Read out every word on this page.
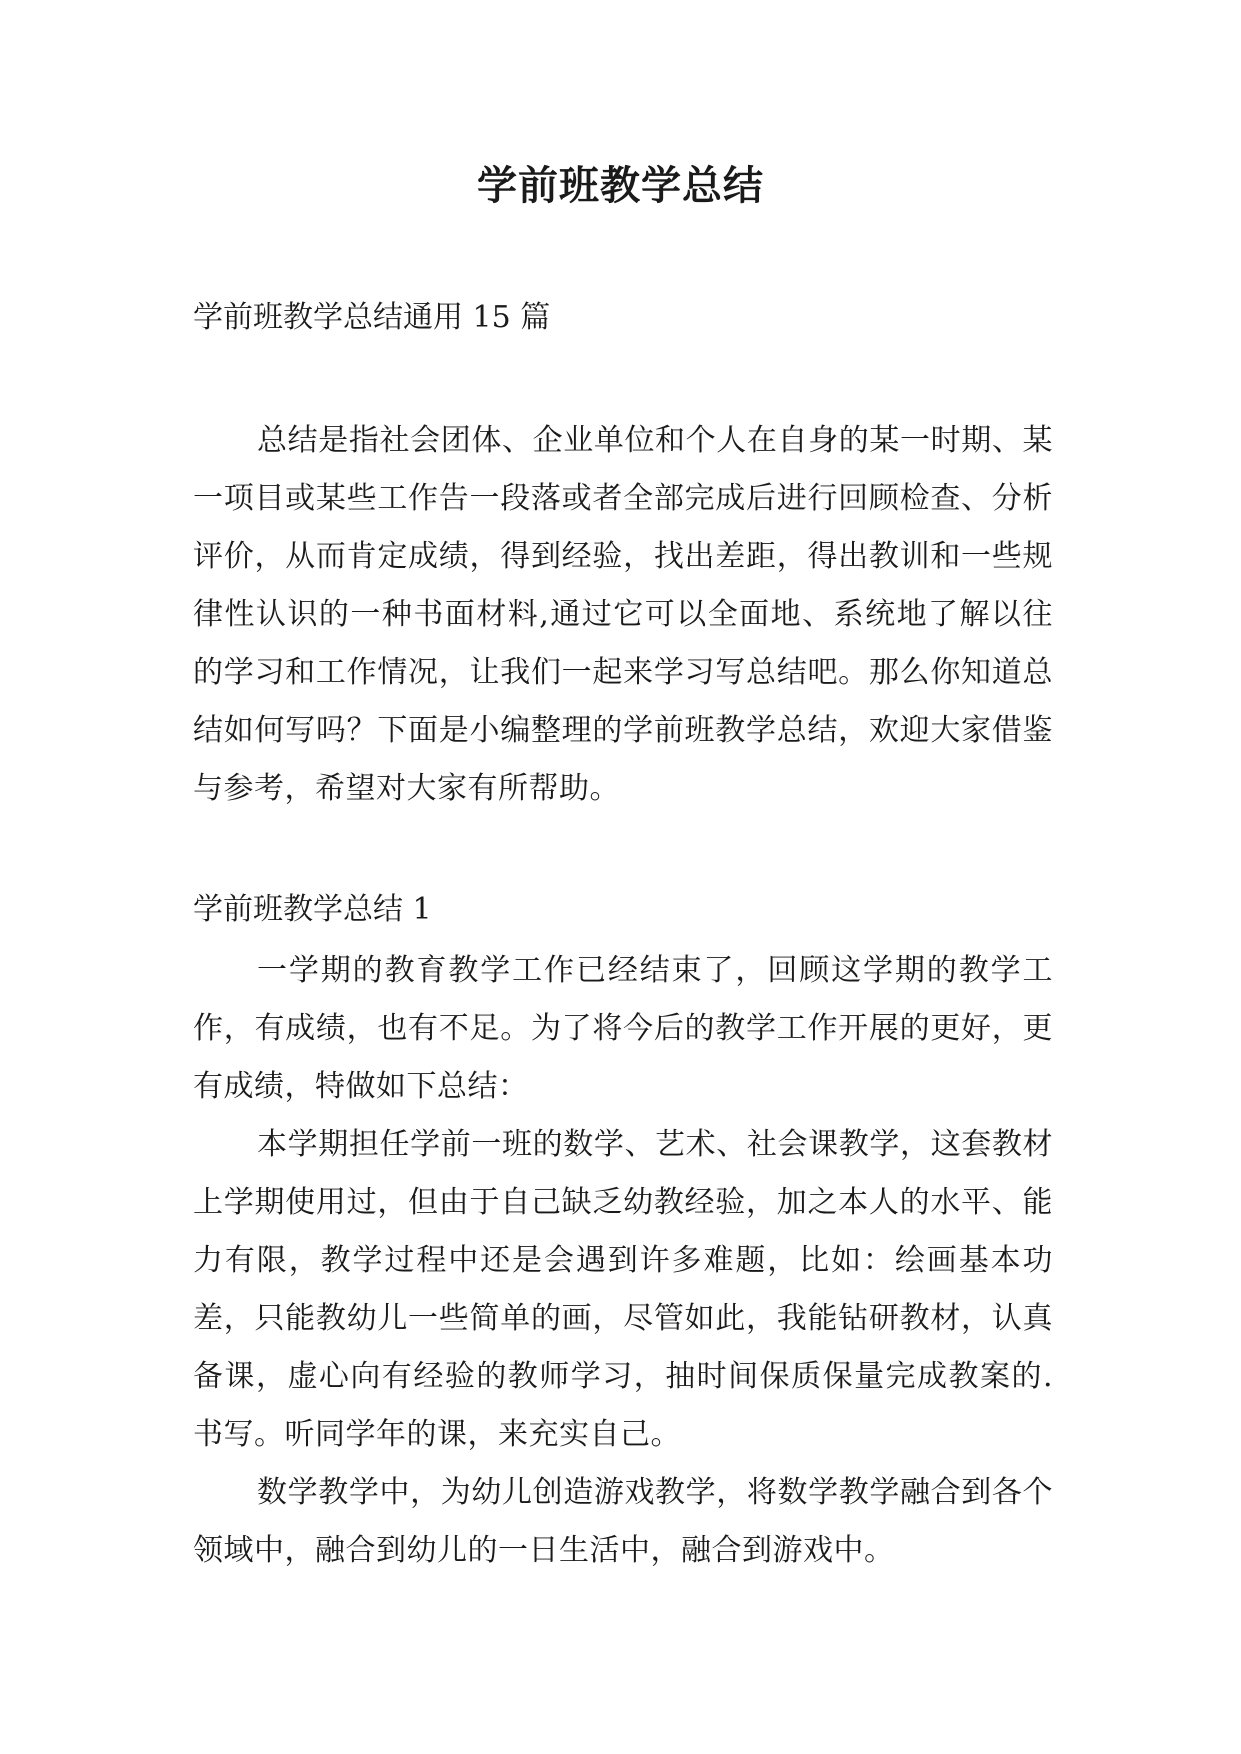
学前班教学总结

学前班教学总结通用 15 篇

总结是指社会团体、企业单位和个人在自身的某一时期、某一项目或某些工作告一段落或者全部完成后进行回顾检查、分析评价，从而肯定成绩，得到经验，找出差距，得出教训和一些规律性认识的一种书面材料,通过它可以全面地、系统地了解以往的学习和工作情况，让我们一起来学习写总结吧。那么你知道总结如何写吗？下面是小编整理的学前班教学总结，欢迎大家借鉴与参考，希望对大家有所帮助。

学前班教学总结 1

一学期的教育教学工作已经结束了，回顾这学期的教学工作，有成绩，也有不足。为了将今后的教学工作开展的更好，更有成绩，特做如下总结：

本学期担任学前一班的数学、艺术、社会课教学，这套教材上学期使用过，但由于自己缺乏幼教经验，加之本人的水平、能力有限，教学过程中还是会遇到许多难题，比如：绘画基本功差，只能教幼儿一些简单的画，尽管如此，我能钻研教材，认真备课，虚心向有经验的教师学习，抽时间保质保量完成教案的.书写。听同学年的课，来充实自己。

数学教学中，为幼儿创造游戏教学，将数学教学融合到各个领域中，融合到幼儿的一日生活中，融合到游戏中。
